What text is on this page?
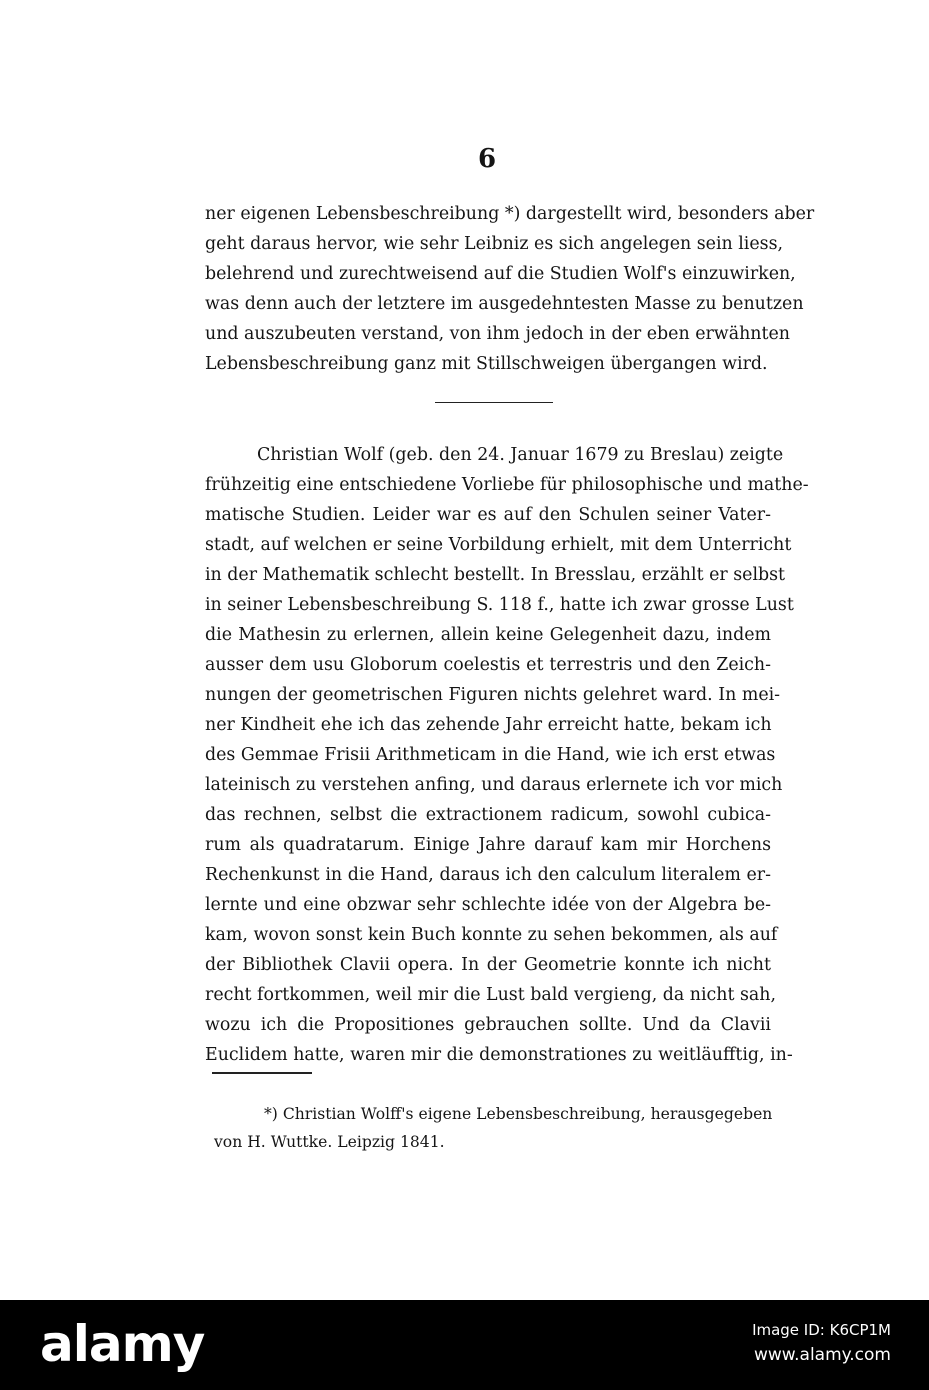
6
ner eigenen Lebensbeschreibung *) dargestellt wird, besonders aber
geht daraus hervor, wie sehr Leibniz es sich angelegen sein liess,
belehrend und zurechtweisend auf die Studien Wolf's einzuwirken,
was denn auch der letztere im ausgedehntesten Masse zu benutzen
und auszubeuten verstand, von ihm jedoch in der eben erwähnten
Lebensbeschreibung ganz mit Stillschweigen übergangen wird.
Christian Wolf (geb. den 24. Januar 1679 zu Breslau) zeigte
frühzeitig eine entschiedene Vorliebe für philosophische und mathe-
matische Studien. Leider war es auf den Schulen seiner Vater-
stadt, auf welchen er seine Vorbildung erhielt, mit dem Unterricht
in der Mathematik schlecht bestellt. In Bresslau, erzählt er selbst
in seiner Lebensbeschreibung S. 118 f., hatte ich zwar grosse Lust
die Mathesin zu erlernen, allein keine Gelegenheit dazu, indem
ausser dem usu Globorum coelestis et terrestris und den Zeich-
nungen der geometrischen Figuren nichts gelehret ward. In mei-
ner Kindheit ehe ich das zehende Jahr erreicht hatte, bekam ich
des Gemmae Frisii Arithmeticam in die Hand, wie ich erst etwas
lateinisch zu verstehen anfing, und daraus erlernete ich vor mich
das rechnen, selbst die extractionem radicum, sowohl cubica-
rum als quadratarum. Einige Jahre darauf kam mir Horchens
Rechenkunst in die Hand, daraus ich den calculum literalem er-
lernte und eine obzwar sehr schlechte idée von der Algebra be-
kam, wovon sonst kein Buch konnte zu sehen bekommen, als auf
der Bibliothek Clavii opera. In der Geometrie konnte ich nicht
recht fortkommen, weil mir die Lust bald vergieng, da nicht sah,
wozu ich die Propositiones gebrauchen sollte. Und da Clavii
Euclidem hatte, waren mir die demonstrationes zu weitläufftig, in-
*) Christian Wolff's eigene Lebensbeschreibung, herausgegeben
von H. Wuttke. Leipzig 1841.
alamy	Image ID: K6CP1M
www.alamy.com
